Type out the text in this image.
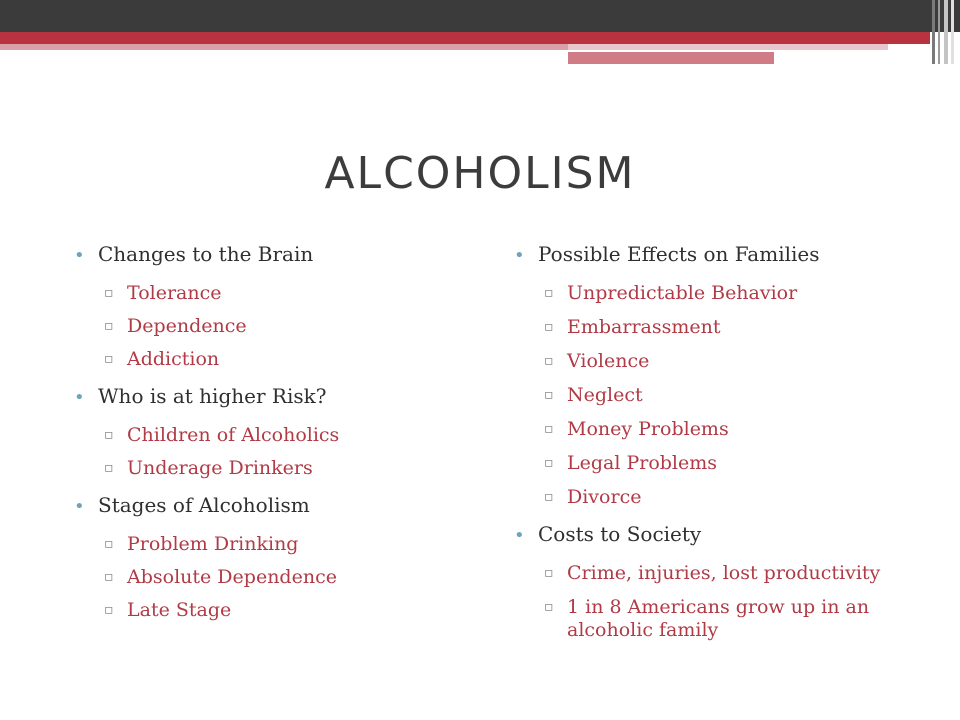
ALCOHOLISM
• Changes to the Brain
▫ Tolerance
▫ Dependence
▫ Addiction
• Who is at higher Risk?
▫ Children of Alcoholics
▫ Underage Drinkers
• Stages of Alcoholism
▫ Problem Drinking
▫ Absolute Dependence
▫ Late Stage
• Possible Effects on Families
▫ Unpredictable Behavior
▫ Embarrassment
▫ Violence
▫ Neglect
▫ Money Problems
▫ Legal Problems
▫ Divorce
• Costs to Society
▫ Crime, injuries, lost productivity
▫ 1 in 8 Americans grow up in an alcoholic family
